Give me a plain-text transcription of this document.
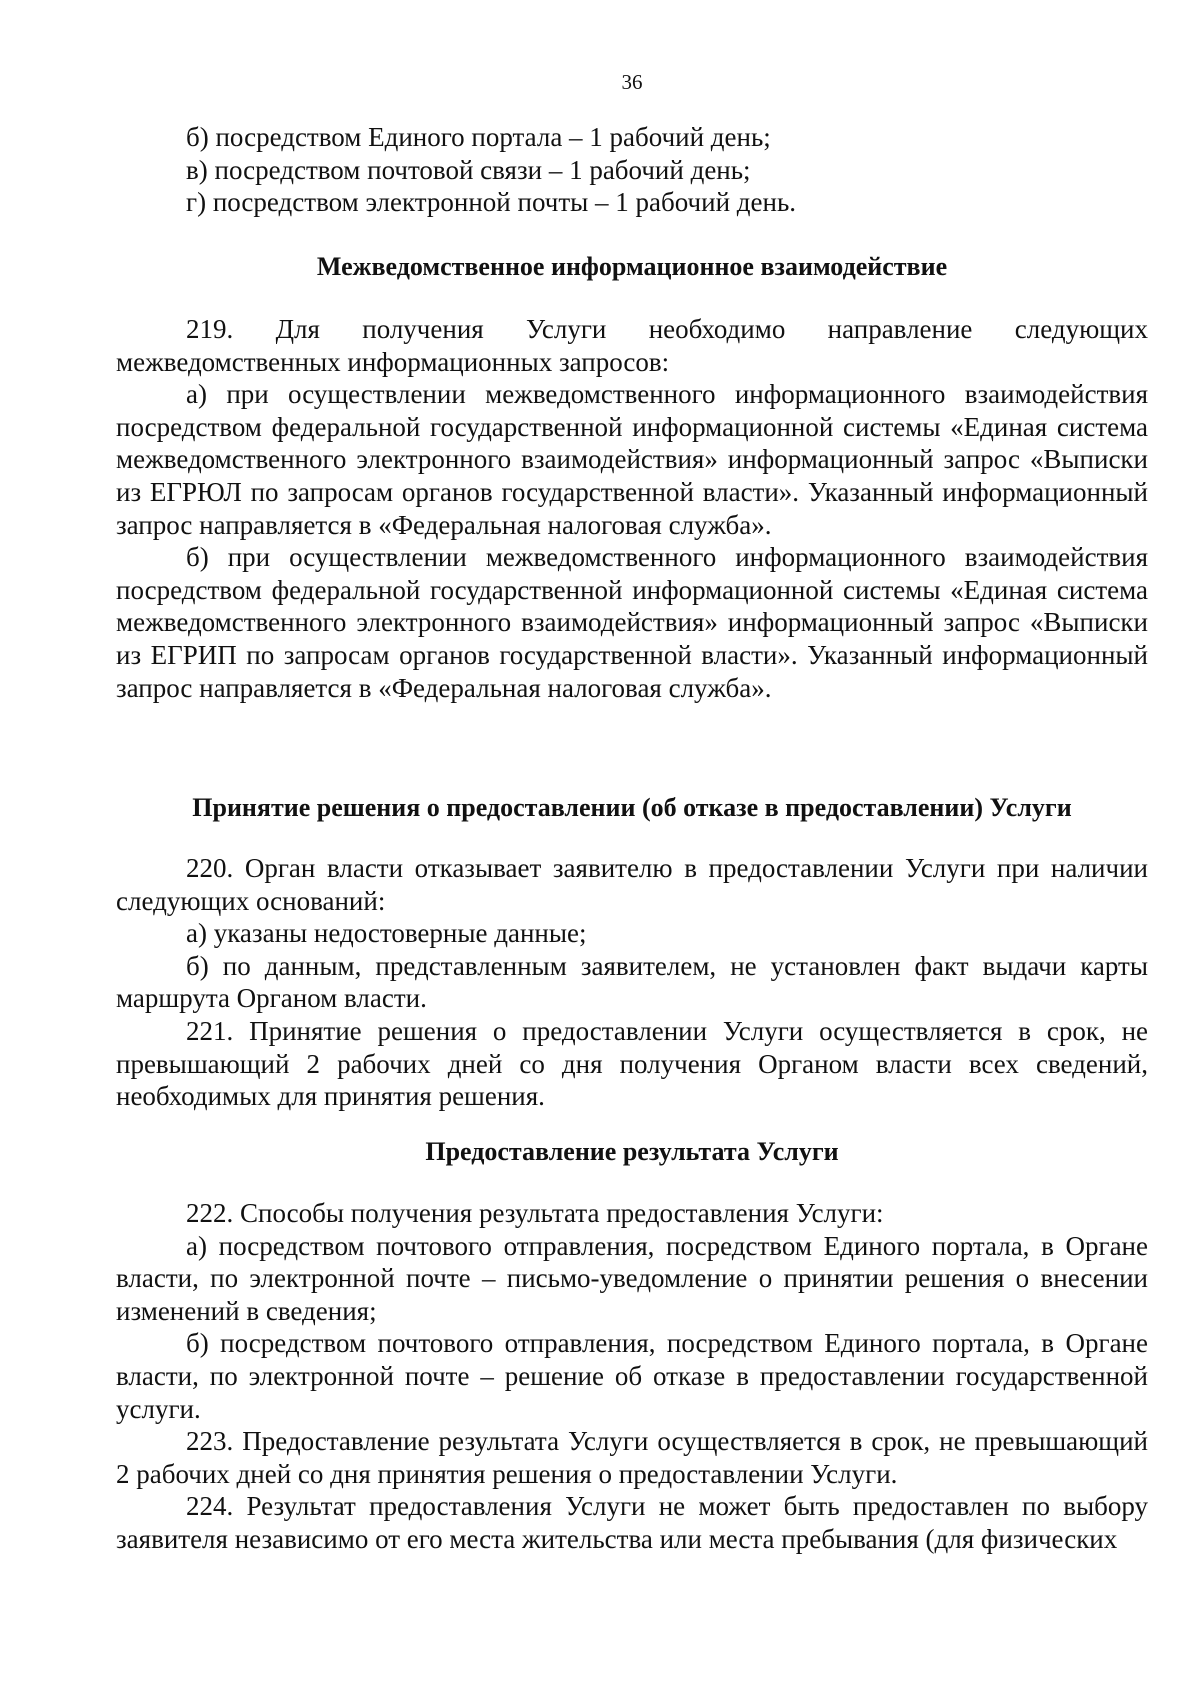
36

б) посредством Единого портала – 1 рабочий день;

в) посредством почтовой связи – 1 рабочий день;

г) посредством электронной почты – 1 рабочий день.

Межведомственное информационное взаимодействие

219. Для получения Услуги необходимо направление следующих межведомственных информационных запросов:

а) при осуществлении межведомственного информационного взаимодействия посредством федеральной государственной информационной системы «Единая система межведомственного электронного взаимодействия» информационный запрос «Выписки из ЕГРЮЛ по запросам органов государственной власти». Указанный информационный запрос направляется в «Федеральная налоговая служба».

б) при осуществлении межведомственного информационного взаимодействия посредством федеральной государственной информационной системы «Единая система межведомственного электронного взаимодействия» информационный запрос «Выписки из ЕГРИП по запросам органов государственной власти». Указанный информационный запрос направляется в «Федеральная налоговая служба».

Принятие решения о предоставлении (об отказе в предоставлении) Услуги

220. Орган власти отказывает заявителю в предоставлении Услуги при наличии следующих оснований:

а) указаны недостоверные данные;

б) по данным, представленным заявителем, не установлен факт выдачи карты маршрута Органом власти.

221. Принятие решения о предоставлении Услуги осуществляется в срок, не превышающий 2 рабочих дней со дня получения Органом власти всех сведений, необходимых для принятия решения.

Предоставление результата Услуги

222. Способы получения результата предоставления Услуги:

а) посредством почтового отправления, посредством Единого портала, в Органе власти, по электронной почте – письмо-уведомление о принятии решения о внесении изменений в сведения;

б) посредством почтового отправления, посредством Единого портала, в Органе власти, по электронной почте – решение об отказе в предоставлении государственной услуги.

223. Предоставление результата Услуги осуществляется в срок, не превышающий 2 рабочих дней со дня принятия решения о предоставлении Услуги.

224. Результат предоставления Услуги не может быть предоставлен по выбору заявителя независимо от его места жительства или места пребывания (для физических
